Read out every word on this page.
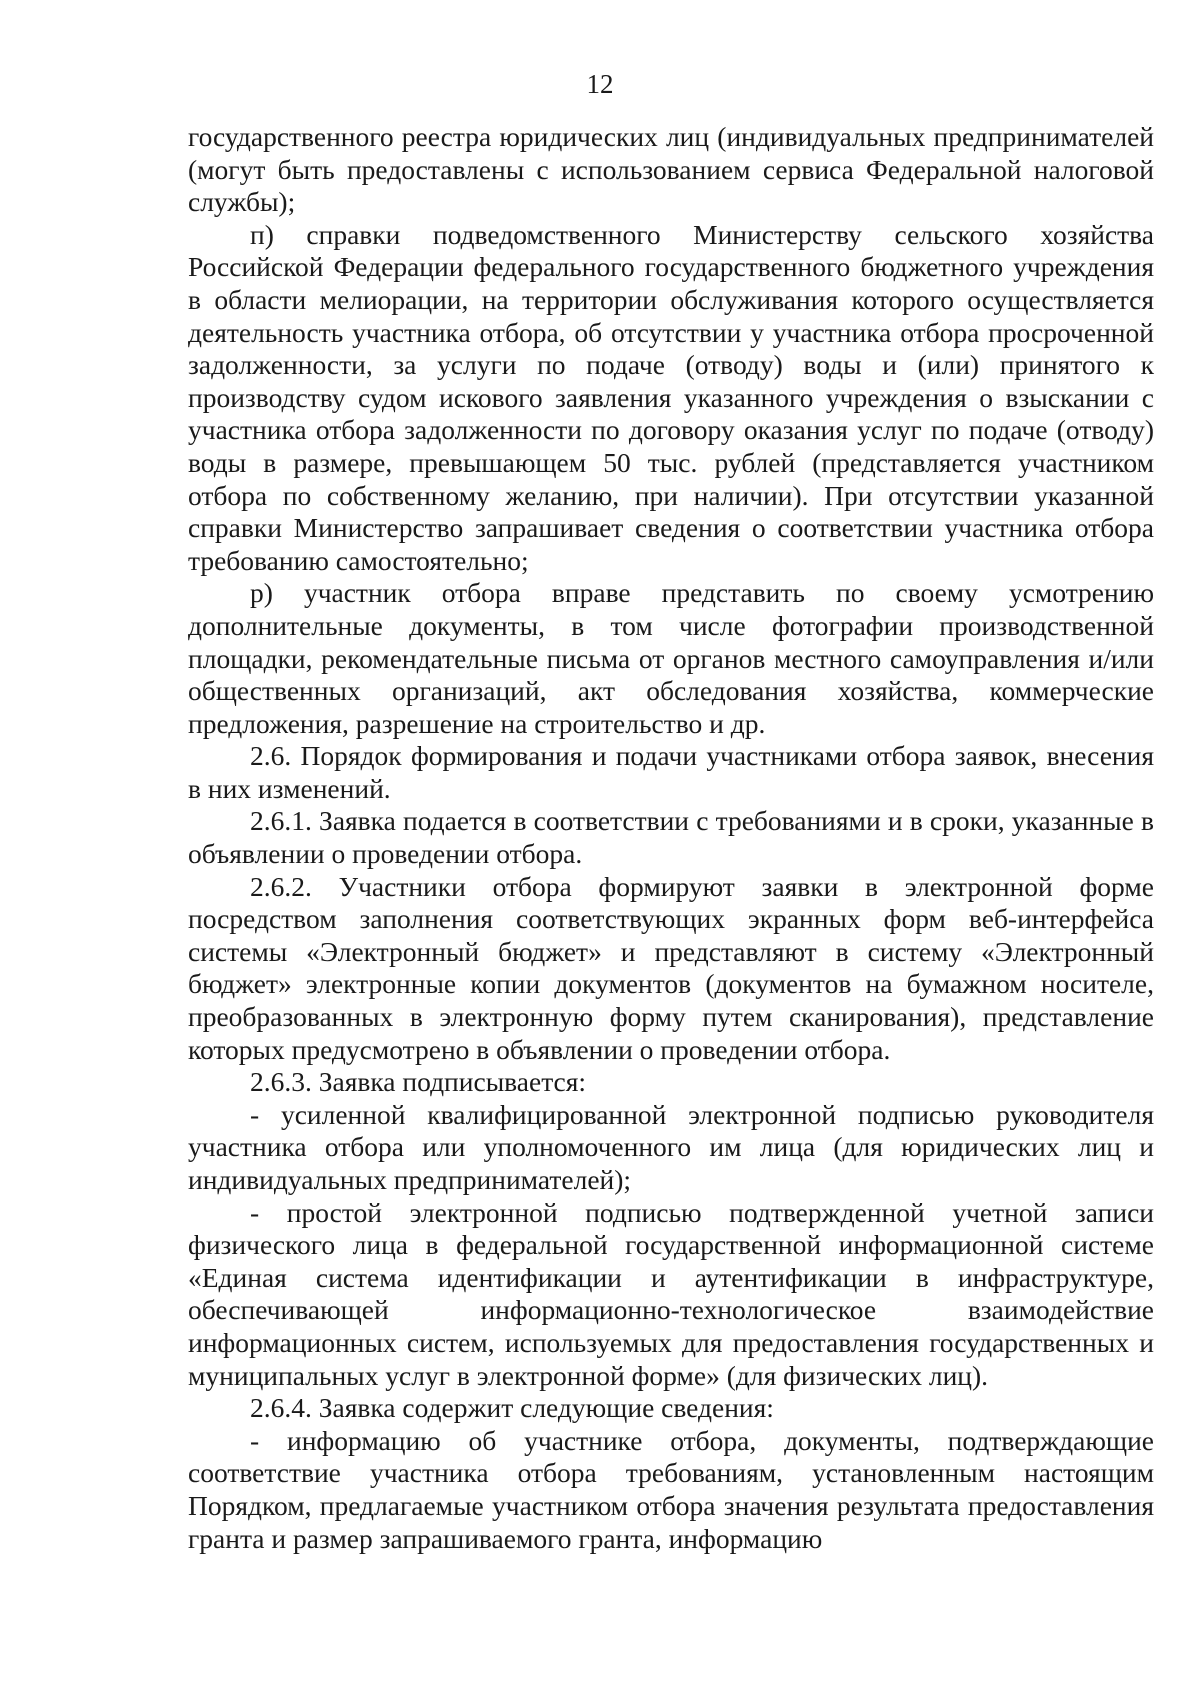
12

государственного реестра юридических лиц (индивидуальных предпринимателей (могут быть предоставлены с использованием сервиса Федеральной налоговой службы);

п) справки подведомственного Министерству сельского хозяйства Российской Федерации федерального государственного бюджетного учреждения в области мелиорации, на территории обслуживания которого осуществляется деятельность участника отбора, об отсутствии у участника отбора просроченной задолженности, за услуги по подаче (отводу) воды и (или) принятого к производству судом искового заявления указанного учреждения о взыскании с участника отбора задолженности по договору оказания услуг по подаче (отводу) воды в размере, превышающем 50 тыс. рублей (представляется участником отбора по собственному желанию, при наличии). При отсутствии указанной справки Министерство запрашивает сведения о соответствии участника отбора требованию самостоятельно;

р) участник отбора вправе представить по своему усмотрению дополнительные документы, в том числе фотографии производственной площадки, рекомендательные письма от органов местного самоуправления и/или общественных организаций, акт обследования хозяйства, коммерческие предложения, разрешение на строительство и др.

2.6. Порядок формирования и подачи участниками отбора заявок, внесения в них изменений.

2.6.1. Заявка подается в соответствии с требованиями и в сроки, указанные в объявлении о проведении отбора.

2.6.2. Участники отбора формируют заявки в электронной форме посредством заполнения соответствующих экранных форм веб-интерфейса системы «Электронный бюджет» и представляют в систему «Электронный бюджет» электронные копии документов (документов на бумажном носителе, преобразованных в электронную форму путем сканирования), представление которых предусмотрено в объявлении о проведении отбора.

2.6.3. Заявка подписывается:

- усиленной квалифицированной электронной подписью руководителя участника отбора или уполномоченного им лица (для юридических лиц и индивидуальных предпринимателей);

- простой электронной подписью подтвержденной учетной записи физического лица в федеральной государственной информационной системе «Единая система идентификации и аутентификации в инфраструктуре, обеспечивающей информационно-технологическое взаимодействие информационных систем, используемых для предоставления государственных и муниципальных услуг в электронной форме» (для физических лиц).

2.6.4. Заявка содержит следующие сведения:

- информацию об участнике отбора, документы, подтверждающие соответствие участника отбора требованиям, установленным настоящим Порядком, предлагаемые участником отбора значения результата предоставления гранта и размер запрашиваемого гранта, информацию
